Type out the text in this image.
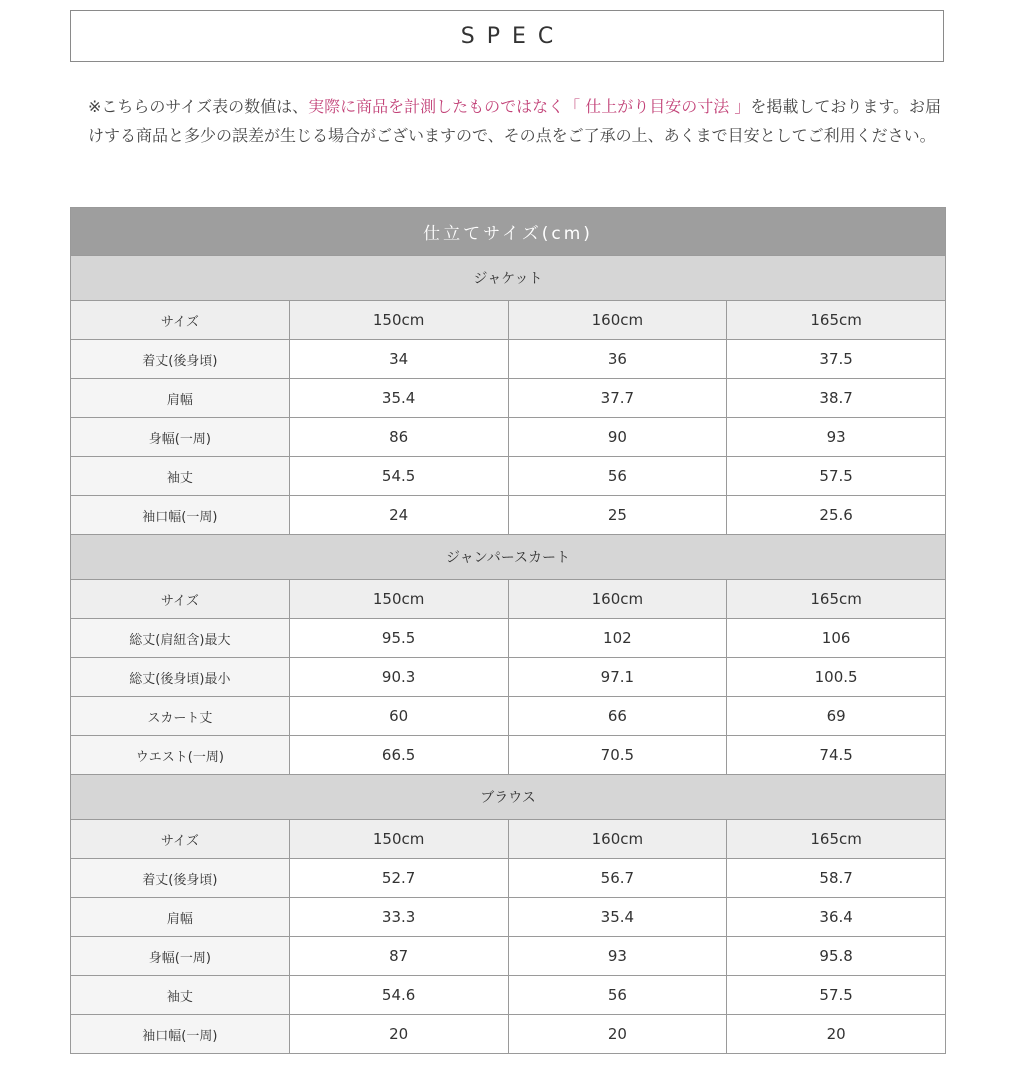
SPEC
※こちらのサイズ表の数値は、実際に商品を計測したものではなく「 仕上がり目安の寸法 」を掲載しております。お届けする商品と多少の誤差が生じる場合がございますので、その点をご了承の上、あくまで目安としてご利用ください。
仕立てサイズ(cm)			
ジャケット			
サイズ	150cm	160cm	165cm
着丈(後身頃)	34	36	37.5
肩幅	35.4	37.7	38.7
身幅(一周)	86	90	93
袖丈	54.5	56	57.5
袖口幅(一周)	24	25	25.6
ジャンパースカート			
サイズ	150cm	160cm	165cm
総丈(肩紐含)最大	95.5	102	106
総丈(後身頃)最小	90.3	97.1	100.5
スカート丈	60	66	69
ウエスト(一周)	66.5	70.5	74.5
ブラウス			
サイズ	150cm	160cm	165cm
着丈(後身頃)	52.7	56.7	58.7
肩幅	33.3	35.4	36.4
身幅(一周)	87	93	95.8
袖丈	54.6	56	57.5
袖口幅(一周)	20	20	20
